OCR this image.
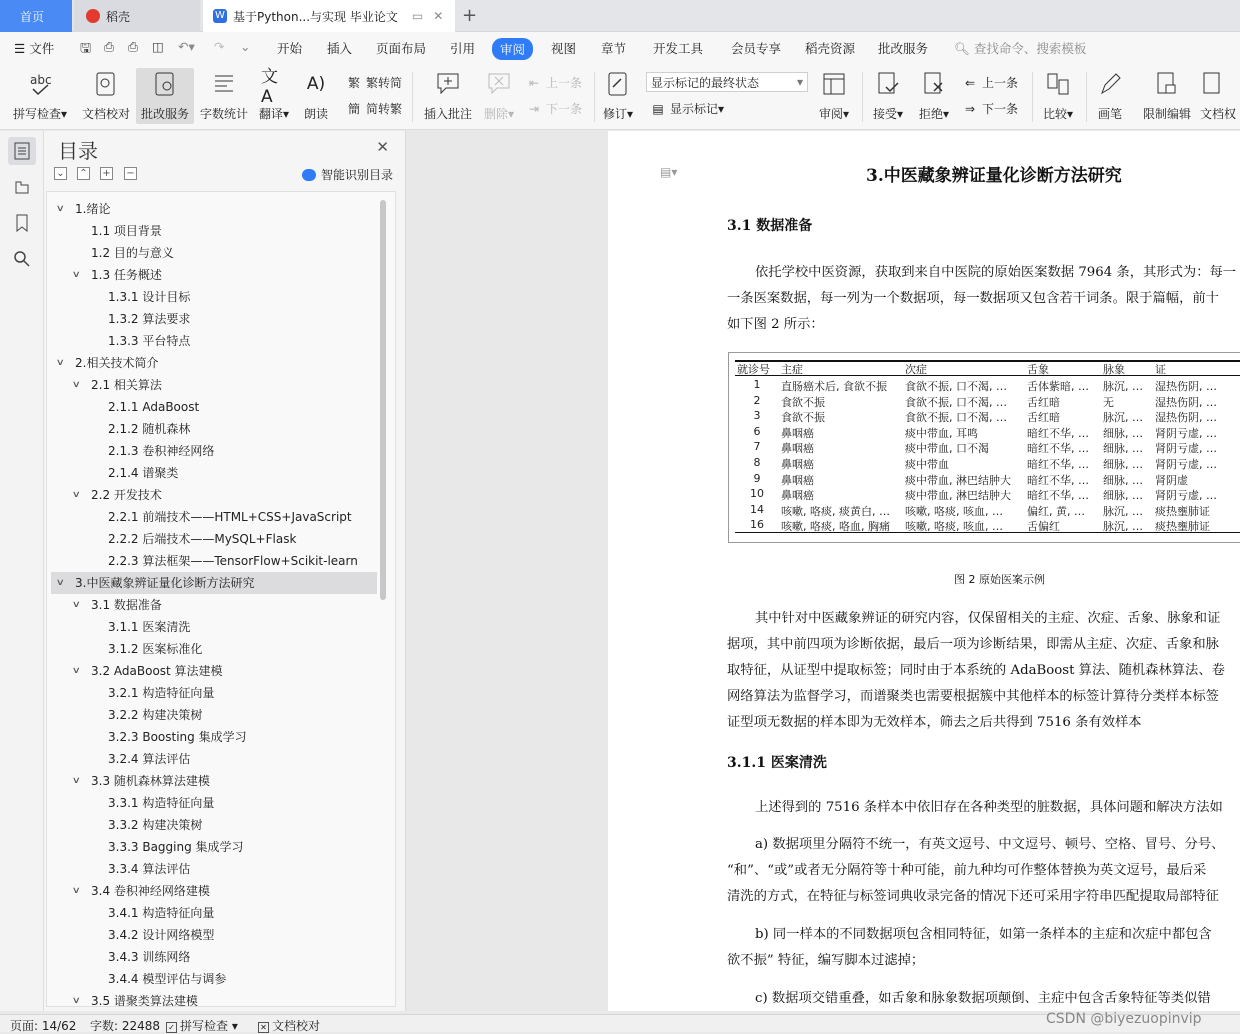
首页	稻壳	W 基于Python...与实现 毕业论文 ▭ ✕ +
☰ 文件 🖫 ⎙ ⎙ ◫ ↶▾ ↷ ⌄ 开始 插入 页面布局 引用	审阅	视图 章节 开发工具 会员专享 稻壳资源 批改服务 🔍︎ 查找命令、搜索模板
abc
拼写检查▾ 文档校对 批改服务 字数统计
文A
翻译▾
A)
朗读
繁 繁转简
簡 简转繁 插入批注 删除▾
⇤ 上一条
⇥ 下一条 修订▾
显示标记的最终状态	▾
▤ 显示标记 ▾	审阅▾ 接受▾ 拒绝▾
⇐ 上一条
⇒ 下一条 比较▾ 画笔 限制编辑 文档权
目录	✕
⌄ ⌃ + −	智能识别目录
∨ 1.绪论
1.1 项目背景
1.2 目的与意义
∨ 1.3 任务概述
1.3.1 设计目标
1.3.2 算法要求
1.3.3 平台特点
∨ 2.相关技术简介
∨ 2.1 相关算法
2.1.1 AdaBoost
2.1.2 随机森林
2.1.3 卷积神经网络
2.1.4 谱聚类
∨ 2.2 开发技术
2.2.1 前端技术——HTML+CSS+JavaScript
2.2.2 后端技术——MySQL+Flask
2.2.3 算法框架——TensorFlow+Scikit-learn
∨ 3.中医藏象辨证量化诊断方法研究
∨ 3.1 数据准备
3.1.1 医案清洗
3.1.2 医案标准化
∨ 3.2 AdaBoost 算法建模
3.2.1 构造特征向量
3.2.2 构建决策树
3.2.3 Boosting 集成学习
3.2.4 算法评估
∨ 3.3 随机森林算法建模
3.3.1 构造特征向量
3.3.2 构建决策树
3.3.3 Bagging 集成学习
3.3.4 算法评估
∨ 3.4 卷积神经网络建模
3.4.1 构造特征向量
3.4.2 设计网络模型
3.4.3 训练网络
3.4.4 模型评估与调参
∨ 3.5 谱聚类算法建模
▤▾	3.中医藏象辨证量化诊断方法研究
3.1 数据准备
依托学校中医资源，获取到来自中医院的原始医案数据 7964 条，其形式为：每一
一条医案数据，每一列为一个数据项，每一数据项又包含若干词条。限于篇幅，前十
如下图 2 所示：
就诊号	主症	次症	舌象	脉象	证
1	直肠癌术后, 食欲不振	食欲不振, 口不渴, …	舌体紫暗, …	脉沉, …	湿热伤阴, …
2	食欲不振	食欲不振, 口不渴, …	舌红暗	无	湿热伤阴, …
3	食欲不振	食欲不振, 口不渴, …	舌红暗	脉沉, …	湿热伤阴, …
6	鼻咽癌	痰中带血, 耳鸣	暗红不华, …	细脉, …	肾阴亏虚, …
7	鼻咽癌	痰中带血, 口不渴	暗红不华, …	细脉, …	肾阴亏虚, …
8	鼻咽癌	痰中带血	暗红不华, …	细脉, …	肾阴亏虚, …
9	鼻咽癌	痰中带血, 淋巴结肿大	暗红不华, …	细脉, …	肾阴虚
10	鼻咽癌	痰中带血, 淋巴结肿大	暗红不华, …	细脉, …	肾阴亏虚, …
14	咳嗽, 咯痰, 痰黄白, …	咳嗽, 咯痰, 咳血, …	偏红, 黄, …	脉沉, …	痰热壅肺证
16	咳嗽, 咯痰, 咯血, 胸痛	咳嗽, 咯痰, 咳血, …	舌偏红	脉沉, …	痰热壅肺证
图 2 原始医案示例
其中针对中医藏象辨证的研究内容，仅保留相关的主症、次症、舌象、脉象和证
据项，其中前四项为诊断依据，最后一项为诊断结果，即需从主症、次症、舌象和脉
取特征，从证型中提取标签；同时由于本系统的 AdaBoost 算法、随机森林算法、卷
网络算法为监督学习，而谱聚类也需要根据簇中其他样本的标签计算待分类样本标签
证型项无数据的样本即为无效样本，筛去之后共得到 7516 条有效样本
3.1.1 医案清洗
上述得到的 7516 条样本中依旧存在各种类型的脏数据，具体问题和解决方法如
a) 数据项里分隔符不统一，有英文逗号、中文逗号、顿号、空格、冒号、分号、
“和”、“或”或者无分隔符等十种可能，前九种均可作整体替换为英文逗号，最后采
清洗的方式，在特征与标签词典收录完备的情况下还可采用字符串匹配提取局部特征
b) 同一样本的不同数据项包含相同特征，如第一条样本的主症和次症中都包含
欲不振” 特征，编写脚本过滤掉；
c) 数据项交错重叠，如舌象和脉象数据项颠倒、主症中包含舌象特征等类似错
页面: 14/62 字数: 22488 ✓ 拼写检查 ▾	✕ 文档校对	CSDN @biyezuopinvip
